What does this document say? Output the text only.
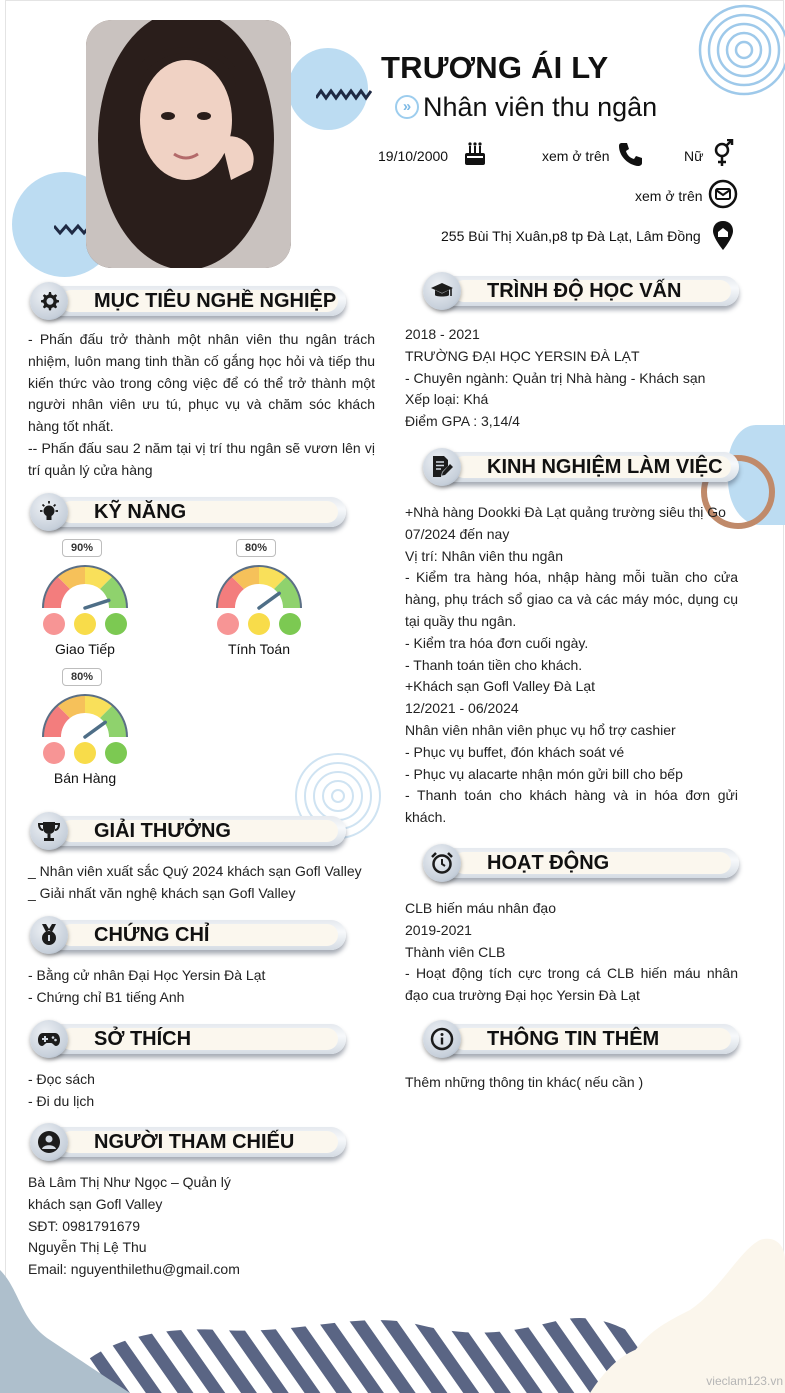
TRƯƠNG ÁI LY
» Nhân viên thu ngân
19/10/2000	xem ở trên	Nữ
xem ở trên
255 Bùi Thị Xuân,p8 tp Đà Lạt, Lâm Đồng
MỤC TIÊU NGHỀ NGHIỆP

- Phấn đấu trở thành một nhân viên thu ngân trách nhiệm, luôn mang tinh thần cố gắng học hỏi và tiếp thu kiến thức vào trong công việc để có thể trở thành một người nhân viên ưu tú, phục vụ và chăm sóc khách hàng tốt nhất.

-- Phấn đấu sau 2 năm tại vị trí thu ngân sẽ vươn lên vị trí quản lý cửa hàng

KỸ NĂNG
90%
Giao Tiếp
80%
Tính Toán
80%
Bán Hàng
GIẢI THƯỞNG

_ Nhân viên xuất sắc Quý 2024 khách sạn Gofl Valley

_ Giải nhất văn nghệ khách sạn Gofl Valley

CHỨNG CHỈ

- Bằng cử nhân Đại Học Yersin Đà Lạt

- Chứng chỉ B1 tiếng Anh

SỞ THÍCH

- Đọc sách

- Đi du lịch

NGƯỜI THAM CHIẾU

Bà Lâm Thị Như Ngọc – Quản lý

khách sạn Gofl Valley

SĐT: 0981791679

Nguyễn Thị Lệ Thu

Email: nguyenthilethu@gmail.com

TRÌNH ĐỘ HỌC VẤN

2018 - 2021

TRƯỜNG ĐẠI HỌC YERSIN ĐÀ LẠT

- Chuyên ngành: Quản trị Nhà hàng - Khách sạn

Xếp loại: Khá

Điểm GPA : 3,14/4

KINH NGHIỆM LÀM VIỆC

+Nhà hàng Dookki Đà Lạt quảng trường siêu thị Go

07/2024 đến nay

Vị trí: Nhân viên thu ngân

- Kiểm tra hàng hóa, nhập hàng mỗi tuần cho cửa hàng, phụ trách sổ giao ca và các máy móc, dụng cụ tại quầy thu ngân.

- Kiểm tra hóa đơn cuối ngày.

- Thanh toán tiền cho khách.

+Khách sạn Gofl Valley Đà Lạt

12/2021 - 06/2024

Nhân viên nhân viên phục vụ hổ trợ cashier

- Phục vụ buffet, đón khách soát vé

- Phục vụ alacarte nhận món gửi bill cho bếp

- Thanh toán cho khách hàng và in hóa đơn gửi khách.

HOẠT ĐỘNG

CLB hiến máu nhân đạo

2019-2021

Thành viên CLB

- Hoạt động tích cực trong cá CLB hiến máu nhân đạo cua trường Đại học Yersin Đà Lạt

THÔNG TIN THÊM

Thêm những thông tin khác( nếu cần )

vieclam123.vn
